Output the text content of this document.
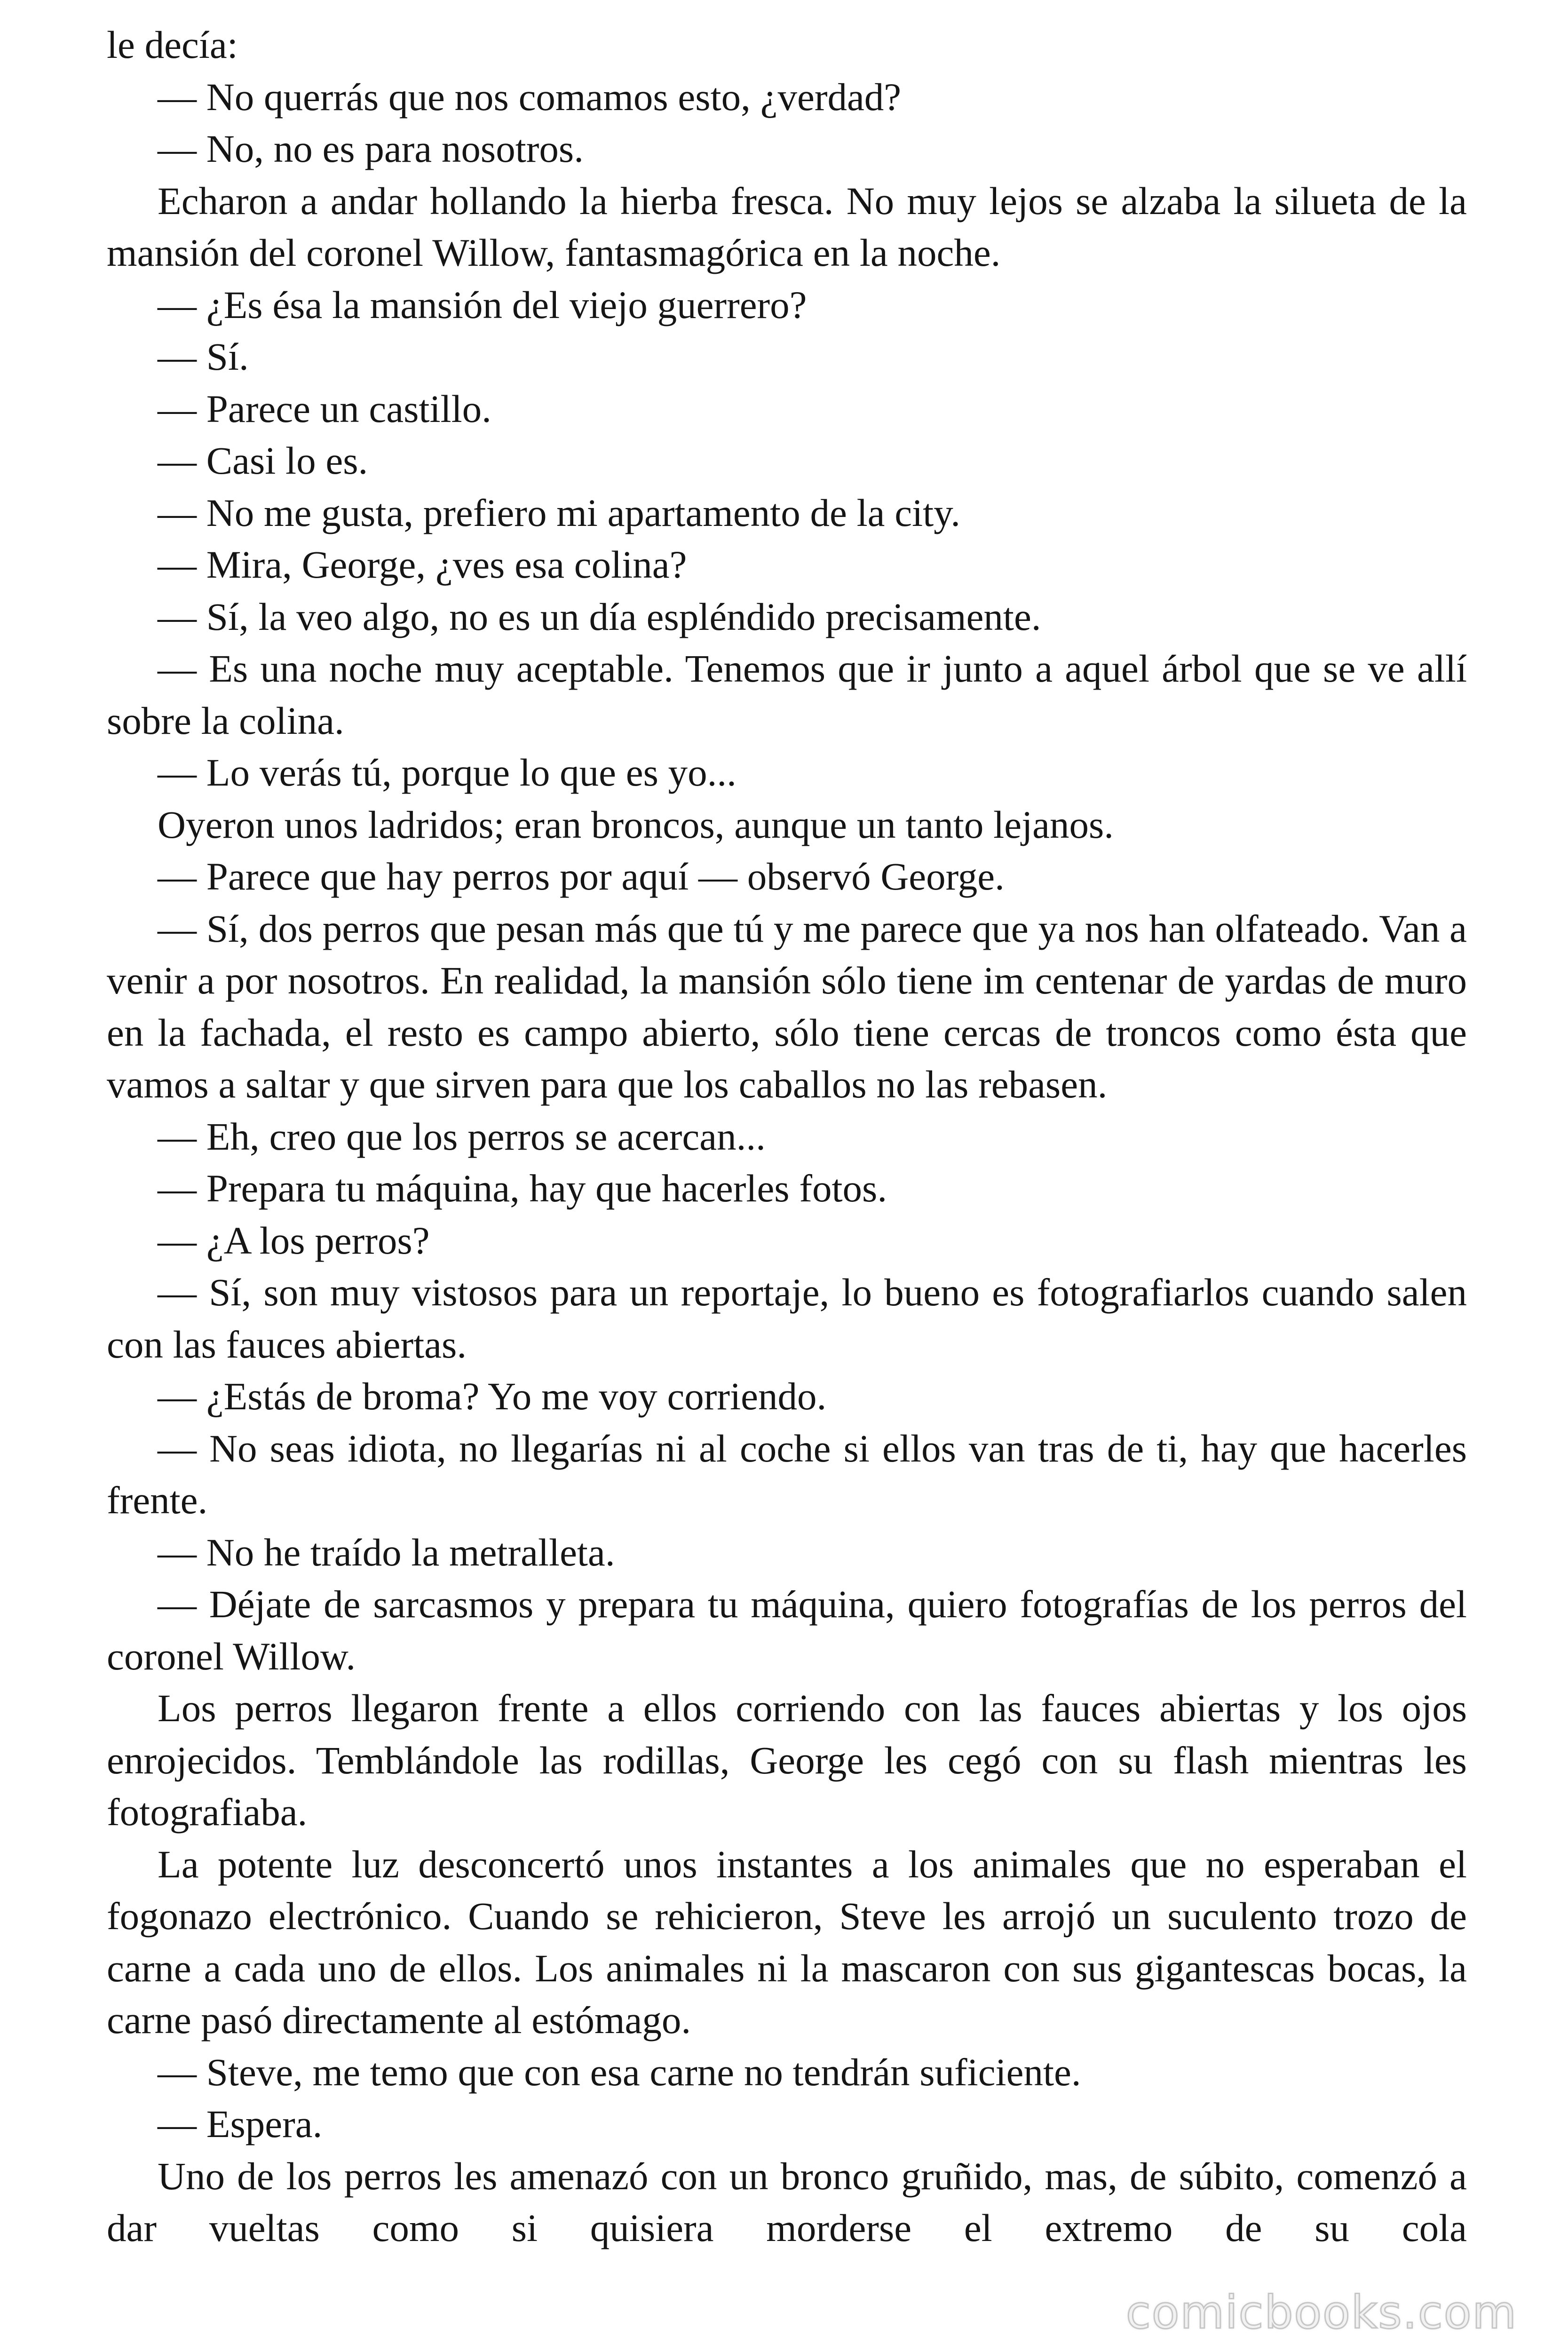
le decía:

— No querrás que nos comamos esto, ¿verdad?

— No, no es para nosotros.

Echaron a andar hollando la hierba fresca. No muy lejos se alzaba la silueta de la mansión del coronel Willow, fantasmagórica en la noche.

— ¿Es ésa la mansión del viejo guerrero?

— Sí.

— Parece un castillo.

— Casi lo es.

— No me gusta, prefiero mi apartamento de la city.

— Mira, George, ¿ves esa colina?

— Sí, la veo algo, no es un día espléndido precisamente.

— Es una noche muy aceptable. Tenemos que ir junto a aquel árbol que se ve allí sobre la colina.

— Lo verás tú, porque lo que es yo...

Oyeron unos ladridos; eran broncos, aunque un tanto lejanos.

— Parece que hay perros por aquí — observó George.

— Sí, dos perros que pesan más que tú y me parece que ya nos han olfateado. Van a venir a por nosotros. En realidad, la mansión sólo tiene im centenar de yardas de muro en la fachada, el resto es campo abierto, sólo tiene cercas de troncos como ésta que vamos a saltar y que sirven para que los caballos no las rebasen.

— Eh, creo que los perros se acercan...

— Prepara tu máquina, hay que hacerles fotos.

— ¿A los perros?

— Sí, son muy vistosos para un reportaje, lo bueno es fotografiarlos cuando salen con las fauces abiertas.

— ¿Estás de broma? Yo me voy corriendo.

— No seas idiota, no llegarías ni al coche si ellos van tras de ti, hay que hacerles frente.

— No he traído la metralleta.

— Déjate de sarcasmos y prepara tu máquina, quiero fotografías de los perros del coronel Willow.

Los perros llegaron frente a ellos corriendo con las fauces abiertas y los ojos enrojecidos. Temblándole las rodillas, George les cegó con su flash mientras les fotografiaba.

La potente luz desconcertó unos instantes a los animales que no esperaban el fogonazo electrónico. Cuando se rehicieron, Steve les arrojó un suculento trozo de carne a cada uno de ellos. Los animales ni la mascaron con sus gigantescas bocas, la carne pasó directamente al estómago.

— Steve, me temo que con esa carne no tendrán suficiente.

— Espera.

Uno de los perros les amenazó con un bronco gruñido, mas, de súbito, comenzó a dar vueltas como si quisiera morderse el extremo de su cola

comicbooks.com
